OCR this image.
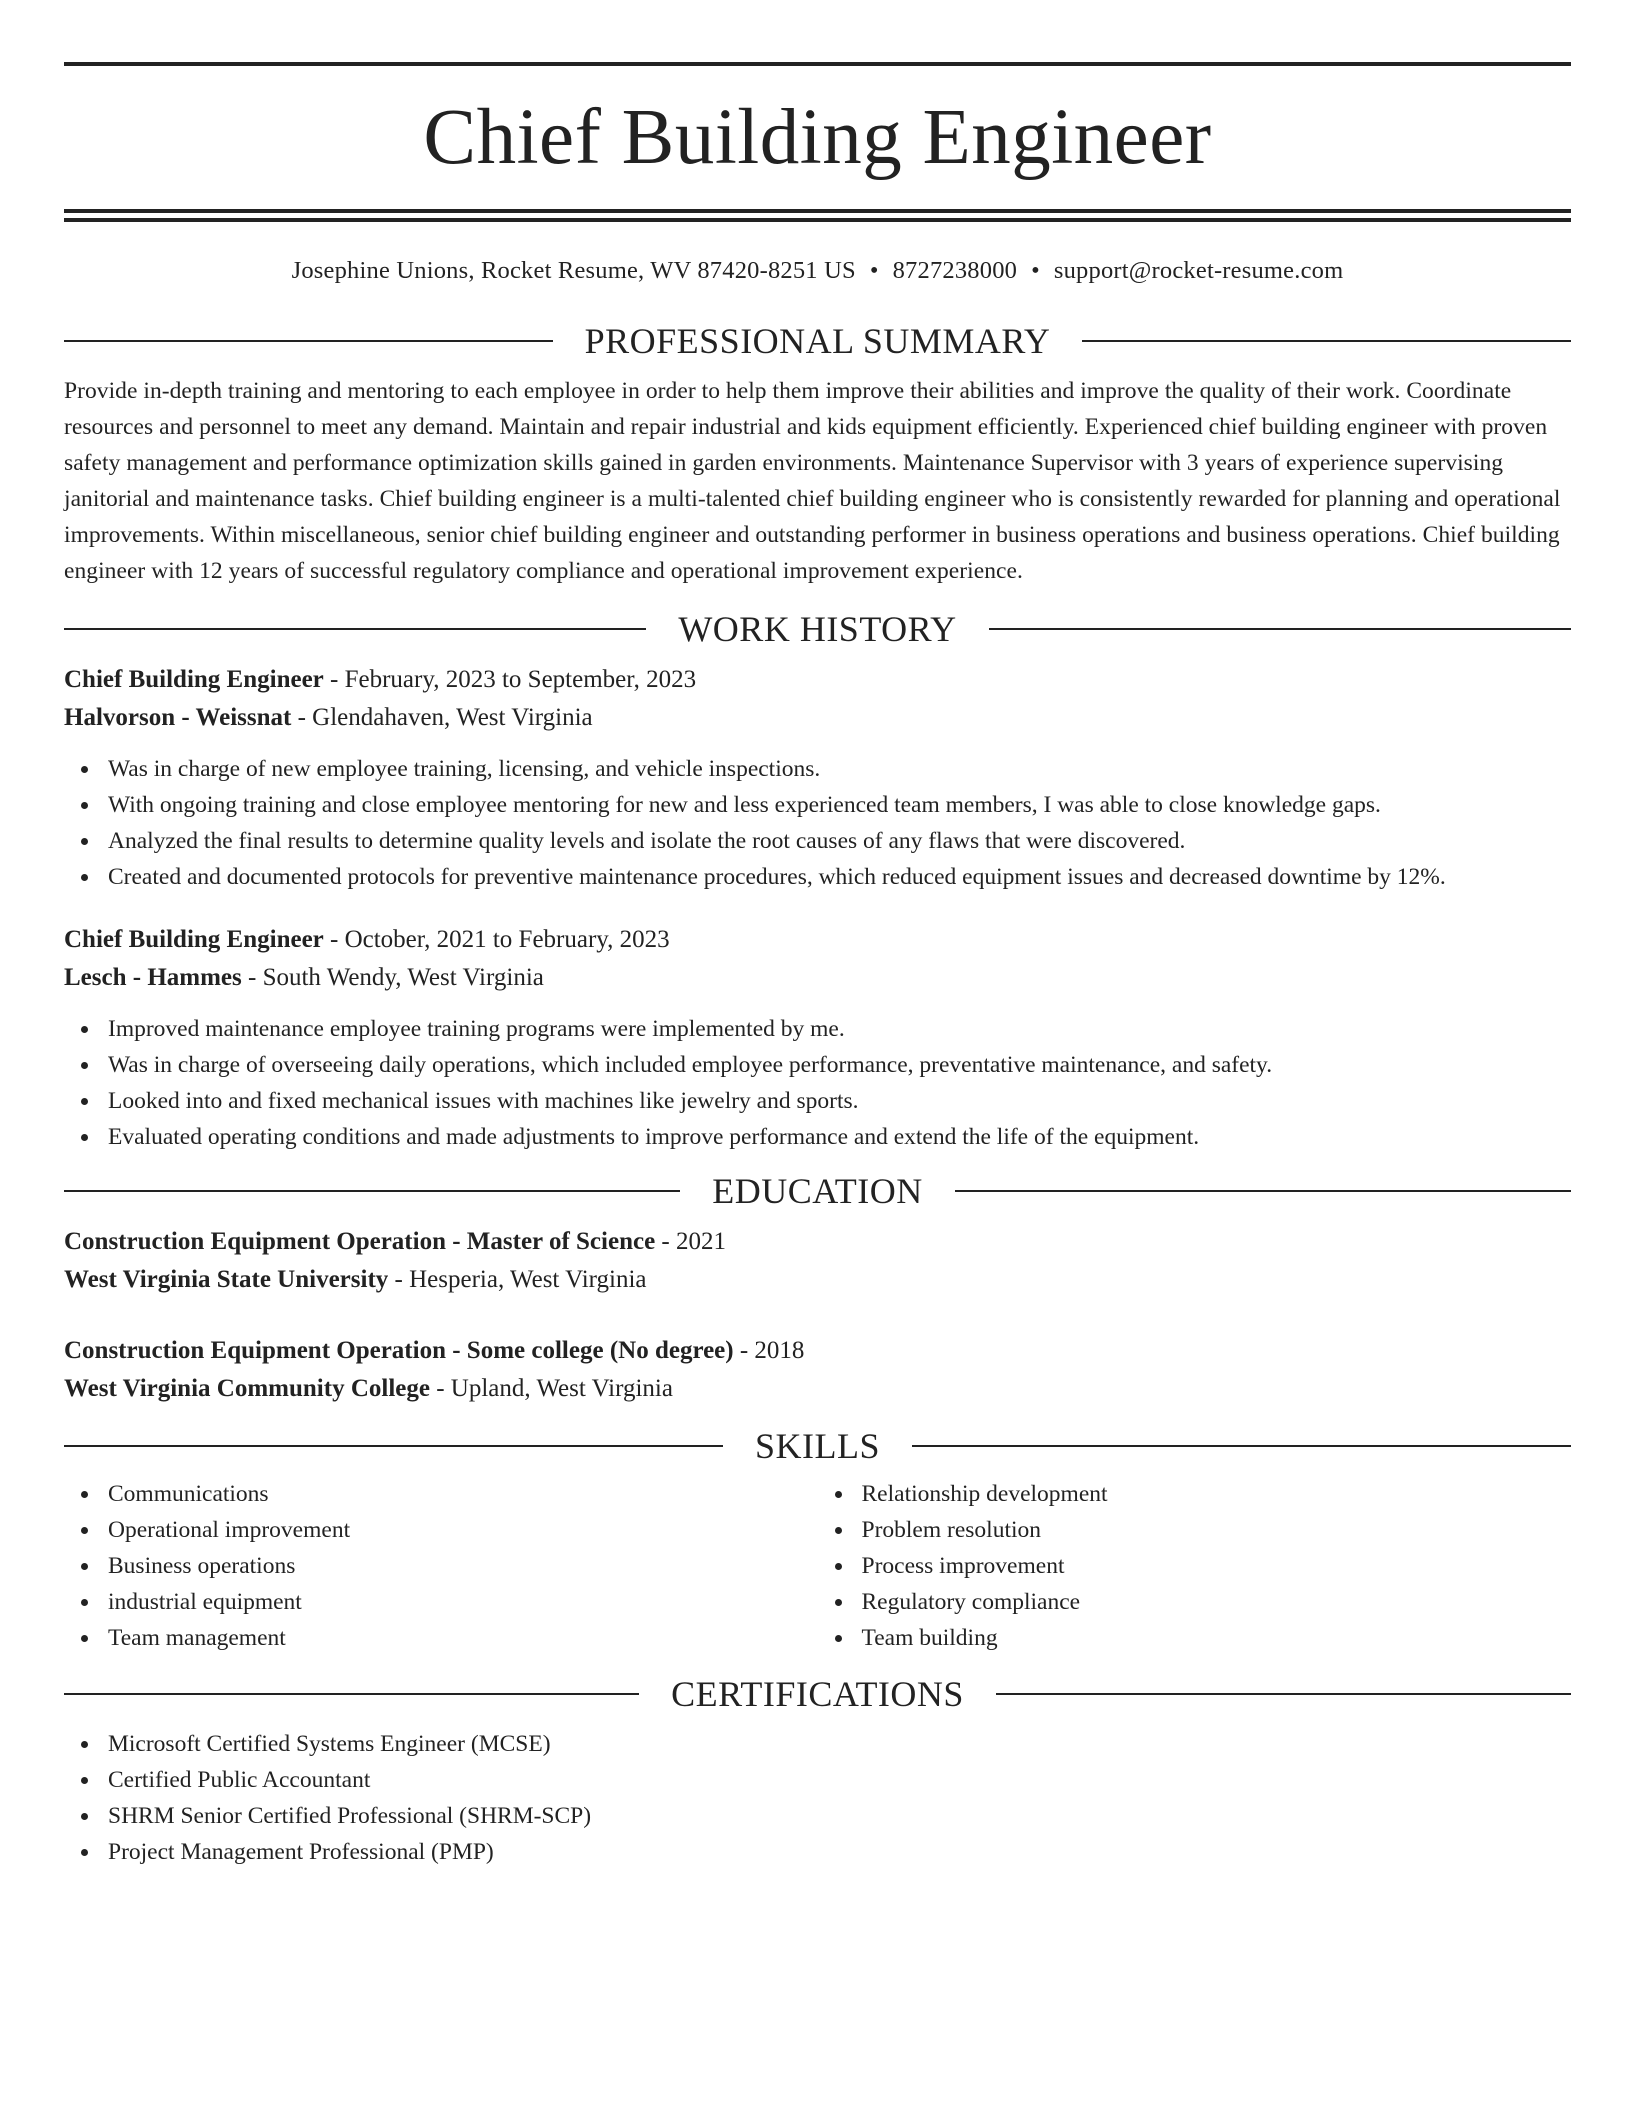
Chief Building Engineer
Josephine Unions, Rocket Resume, WV 87420-8251 US • 8727238000 • support@rocket-resume.com
PROFESSIONAL SUMMARY

Provide in-depth training and mentoring to each employee in order to help them improve their abilities and improve the quality of their work. Coordinate resources and personnel to meet any demand. Maintain and repair industrial and kids equipment efficiently. Experienced chief building engineer with proven safety management and performance optimization skills gained in garden environments. Maintenance Supervisor with 3 years of experience supervising janitorial and maintenance tasks. Chief building engineer is a multi-talented chief building engineer who is consistently rewarded for planning and operational improvements. Within miscellaneous, senior chief building engineer and outstanding performer in business operations and business operations. Chief building engineer with 12 years of successful regulatory compliance and operational improvement experience.

WORK HISTORY
Chief Building Engineer - February, 2023 to September, 2023
Halvorson - Weissnat - Glendahaven, West Virginia
Was in charge of new employee training, licensing, and vehicle inspections.
With ongoing training and close employee mentoring for new and less experienced team members, I was able to close knowledge gaps.
Analyzed the final results to determine quality levels and isolate the root causes of any flaws that were discovered.
Created and documented protocols for preventive maintenance procedures, which reduced equipment issues and decreased downtime by 12%.
Chief Building Engineer - October, 2021 to February, 2023
Lesch - Hammes - South Wendy, West Virginia
Improved maintenance employee training programs were implemented by me.
Was in charge of overseeing daily operations, which included employee performance, preventative maintenance, and safety.
Looked into and fixed mechanical issues with machines like jewelry and sports.
Evaluated operating conditions and made adjustments to improve performance and extend the life of the equipment.
EDUCATION
Construction Equipment Operation - Master of Science - 2021
West Virginia State University - Hesperia, West Virginia
Construction Equipment Operation - Some college (No degree) - 2018
West Virginia Community College - Upland, West Virginia
SKILLS
Communications
Operational improvement
Business operations
industrial equipment
Team management
Relationship development
Problem resolution
Process improvement
Regulatory compliance
Team building
CERTIFICATIONS
Microsoft Certified Systems Engineer (MCSE)
Certified Public Accountant
SHRM Senior Certified Professional (SHRM-SCP)
Project Management Professional (PMP)
